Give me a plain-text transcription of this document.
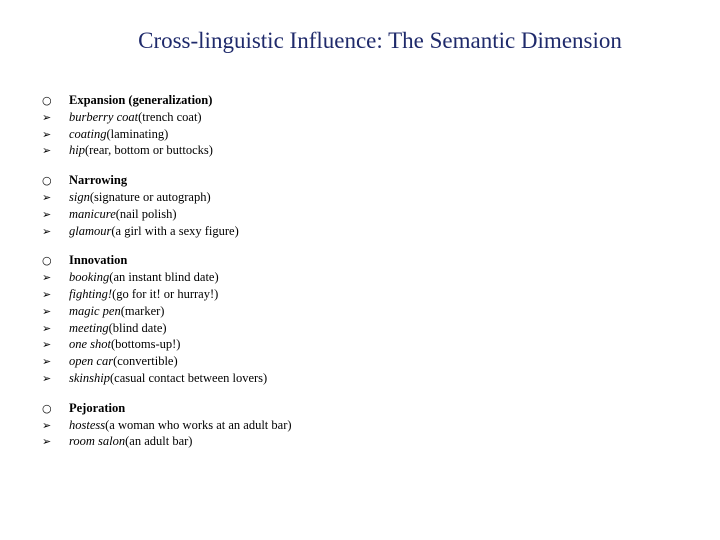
Cross-linguistic Influence: The Semantic Dimension
○	Expansion (generalization)
➢	burberry coat (trench coat)
➢	coating (laminating)
➢	hip (rear, bottom or buttocks)
○	Narrowing
➢	sign (signature or autograph)
➢	manicure (nail polish)
➢	glamour (a girl with a sexy figure)
○	Innovation
➢	booking (an instant blind date)
➢	fighting! (go for it! or hurray!)
➢	magic pen (marker)
➢	meeting (blind date)
➢	one shot (bottoms-up!)
➢	open car (convertible)
➢	skinship (casual contact between lovers)
○	Pejoration
➢	hostess (a woman who works at an adult bar)
➢	room salon (an adult bar)
